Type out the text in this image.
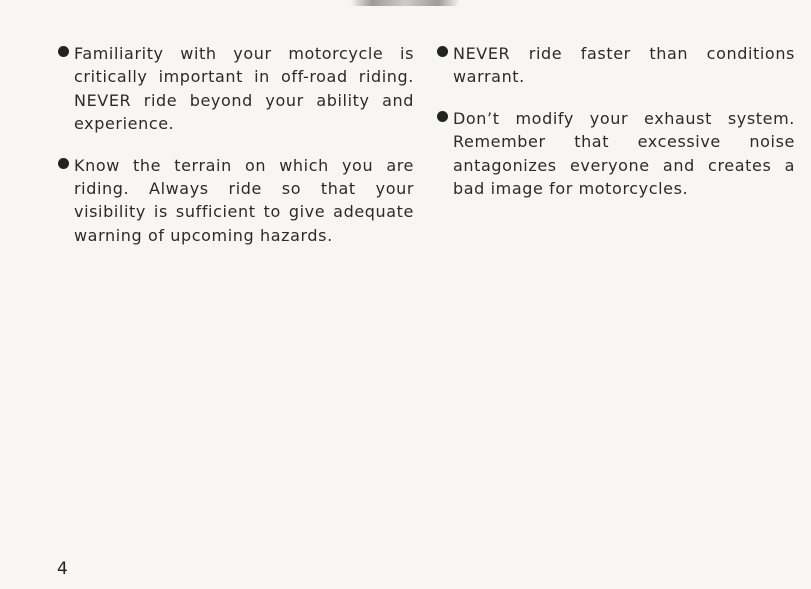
Familiarity with your motorcycle is critically important in off-road riding. NEVER ride beyond your ability and experience.
Know the terrain on which you are riding. Always ride so that your visibility is sufficient to give adequate warning of upcoming hazards.
NEVER ride faster than conditions warrant.
Don’t modify your exhaust system. Remember that excessive noise antagonizes everyone and creates a bad image for motorcycles.
4
